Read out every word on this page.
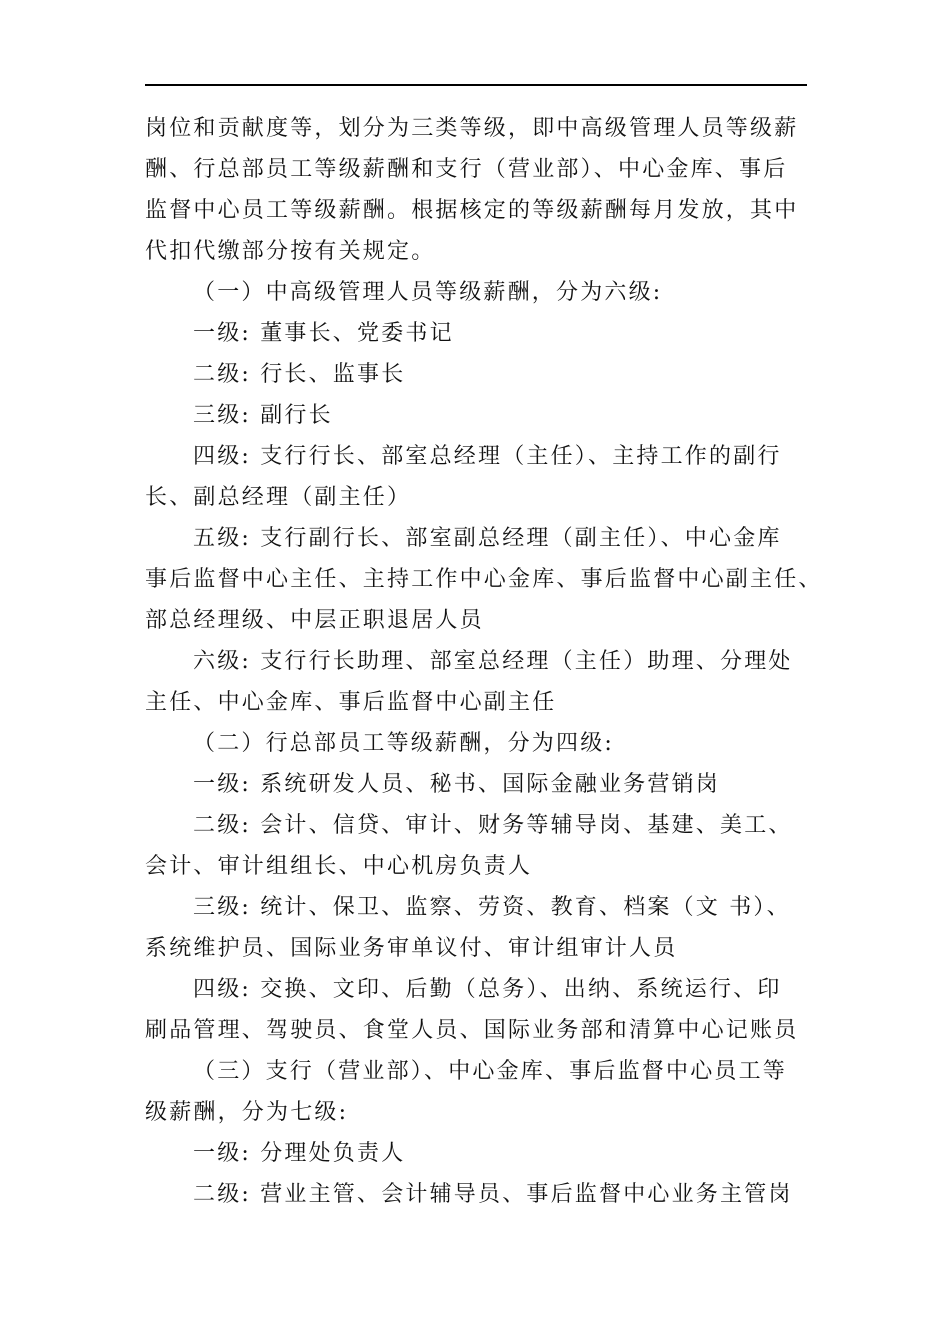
岗位和贡献度等，划分为三类等级，即中高级管理人员等级薪

酬、行总部员工等级薪酬和支行（营业部）、中心金库、事后

监督中心员工等级薪酬。根据核定的等级薪酬每月发放，其中

代扣代缴部分按有关规定。

（一）中高级管理人员等级薪酬，分为六级:

一级: 董事长、党委书记

二级: 行长、监事长

三级: 副行长

四级: 支行行长、部室总经理（主任）、主持工作的副行

长、副总经理（副主任）

五级: 支行副行长、部室副总经理（副主任）、中心金库

事后监督中心主任、主持工作中心金库、事后监督中心副主任、

部总经理级、中层正职退居人员

六级: 支行行长助理、部室总经理（主任）助理、分理处

主任、中心金库、事后监督中心副主任

（二）行总部员工等级薪酬，分为四级:

一级: 系统研发人员、秘书、国际金融业务营销岗

二级: 会计、信贷、审计、财务等辅导岗、基建、美工、

会计、审计组组长、中心机房负责人

三级: 统计、保卫、监察、劳资、教育、档案（文 书）、

系统维护员、国际业务审单议付、审计组审计人员

四级: 交换、文印、后勤（总务）、出纳、系统运行、印

刷品管理、驾驶员、食堂人员、国际业务部和清算中心记账员

（三）支行（营业部）、中心金库、事后监督中心员工等

级薪酬，分为七级:

一级: 分理处负责人

二级: 营业主管、会计辅导员、事后监督中心业务主管岗
